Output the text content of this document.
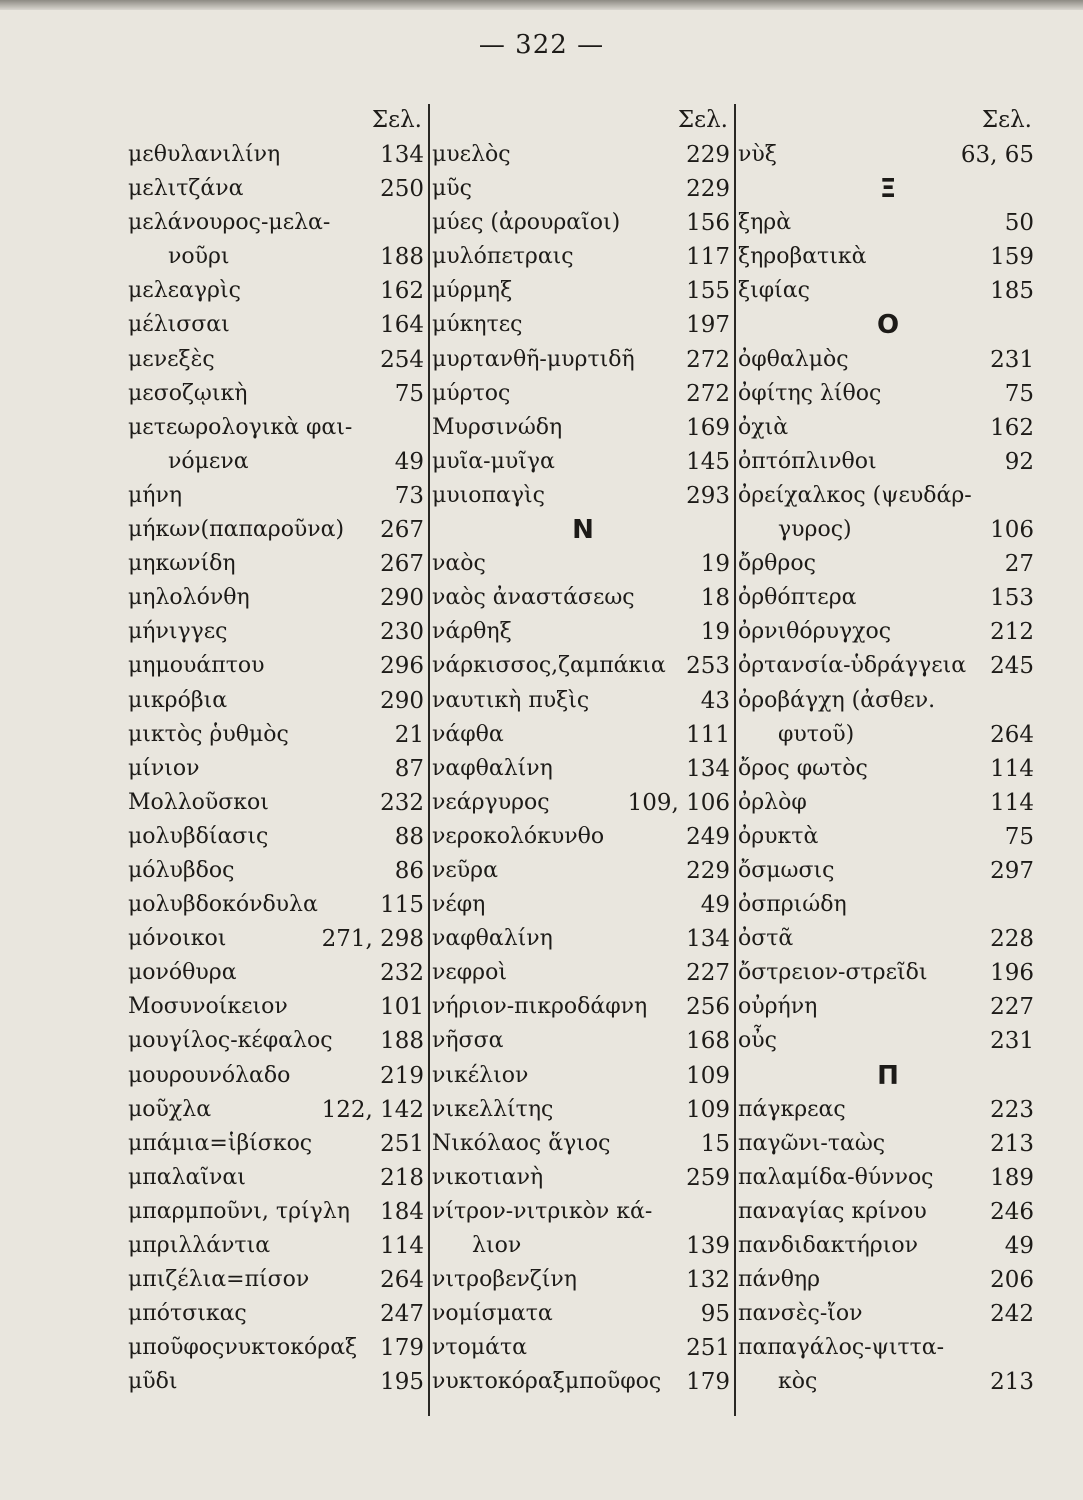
— 322 —
Σελ.
μεθυλανιλίνη	134
μελιτζάνα	250
μελάνουρος-μελα-
νοῦρι	188
μελεαγρὶς	162
μέλισσαι	164
μενεξὲς	254
μεσοζῳικὴ	75
μετεωρολογικὰ φαι-
νόμενα	49
μήνη	73
μήκων(παπαροῦνα)	267
μηκωνίδη	267
μηλολόνθη	290
μήνιγγες	230
μημουάπτου	296
μικρόβια	290
μικτὸς ῥυθμὸς	21
μίνιον	87
Μολλοῦσκοι	232
μολυβδίασις	88
μόλυβδος	86
μολυβδοκόνδυλα	115
μόνοικοι	271, 298
μονόθυρα	232
Μοσυνοίκειον	101
μουγίλος-κέφαλος	188
μουρουνόλαδο	219
μοῦχλα	122, 142
μπάμια=ἱβίσκος	251
μπαλαῖναι	218
μπαρμποῦνι, τρίγλη	184
μπριλλάντια	114
μπιζέλια=πίσον	264
μπότσικας	247
μποῦφοςνυκτοκόραξ 179
μῦδι	195
Σελ.
μυελὸς	229
μῦς	229
μύες (ἀρουραῖοι)	156
μυλόπετραις	117
μύρμηξ	155
μύκητες	197
μυρτανθῆ-μυρτιδῆ	272
μύρτος	272
Μυρσινώδη	169
μυῖα-μυῖγα	145
μυιοπαγὶς	293
N
ναὸς	19
ναὸς ἀναστάσεως	18
νάρθηξ	19
νάρκισσος,ζαμπάκια 253
ναυτικὴ πυξὶς	43
νάφθα	111
ναφθαλίνη	134
νεάργυρος	109, 106
νεροκολόκυνθο	249
νεῦρα	229
νέφη	49
ναφθαλίνη	134
νεφροὶ	227
νήριον-πικροδάφνη	256
νῆσσα	168
νικέλιον	109
νικελλίτης	109
Νικόλαος ἅγιος	15
νικοτιανὴ	259
νίτρον-νιτρικὸν κά-
λιον	139
νιτροβενζίνη	132
νομίσματα	95
ντομάτα	251
νυκτοκόραξμποῦφος	179
Σελ.
νὺξ	63, 65
Ξ
ξηρὰ	50
ξηροβατικὰ	159
ξιφίας	185
O
ὀφθαλμὸς	231
ὀφίτης λίθος	75
ὀχιὰ	162
ὀπτόπλινθοι	92
ὀρείχαλκος (ψευδάρ-
γυρος)	106
ὄρθρος	27
ὀρθόπτερα	153
ὀρνιθόρυγχος	212
ὀρτανσία-ὑδράγγεια	245
ὀροβάγχη (ἀσθεν.
φυτοῦ)	264
ὄρος φωτὸς	114
ὀρλὸφ	114
ὀρυκτὰ	75
ὄσμωσις	297
ὀσπριώδη
ὀστᾶ	228
ὄστρειον-στρεῖδι	196
οὐρήνη	227
οὖς	231
Π
πάγκρεας	223
παγῶνι-ταὼς	213
παλαμίδα-θύννος	189
παναγίας κρίνου	246
πανδιδακτήριον	49
πάνθηρ	206
πανσὲς-ἴον	242
παπαγάλος-ψιττα-
κὸς	213
